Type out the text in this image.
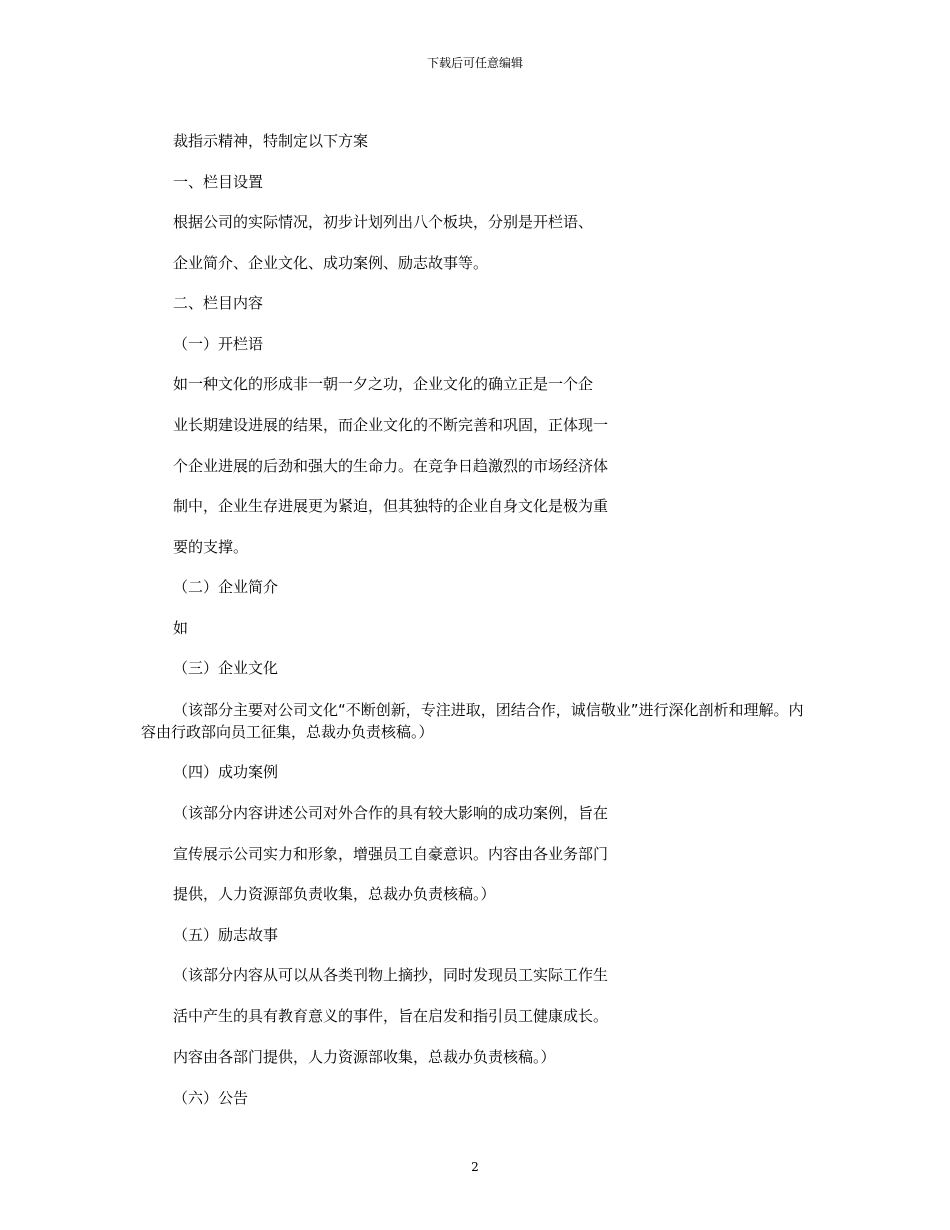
下载后可任意编辑
裁指示精神，特制定以下方案
一、栏目设置
根据公司的实际情况，初步计划列出八个板块，分别是开栏语、
企业简介、企业文化、成功案例、励志故事等。
二、栏目内容
（一）开栏语
如一种文化的形成非一朝一夕之功，企业文化的确立正是一个企
业长期建设进展的结果，而企业文化的不断完善和巩固，正体现一
个企业进展的后劲和强大的生命力。在竞争日趋激烈的市场经济体
制中，企业生存进展更为紧迫，但其独特的企业自身文化是极为重
要的支撑。
（二）企业简介
如
（三）企业文化
（该部分主要对公司文化“不断创新，专注进取，团结合作，诚信敬业”进行深化剖析和理解。内容由行政部向员工征集，总裁办负责核稿。）
（四）成功案例
（该部分内容讲述公司对外合作的具有较大影响的成功案例，旨在
宣传展示公司实力和形象，增强员工自豪意识。内容由各业务部门
提供，人力资源部负责收集，总裁办负责核稿。）
（五）励志故事
（该部分内容从可以从各类刊物上摘抄，同时发现员工实际工作生
活中产生的具有教育意义的事件，旨在启发和指引员工健康成长。
内容由各部门提供，人力资源部收集，总裁办负责核稿。）
（六）公告
2
